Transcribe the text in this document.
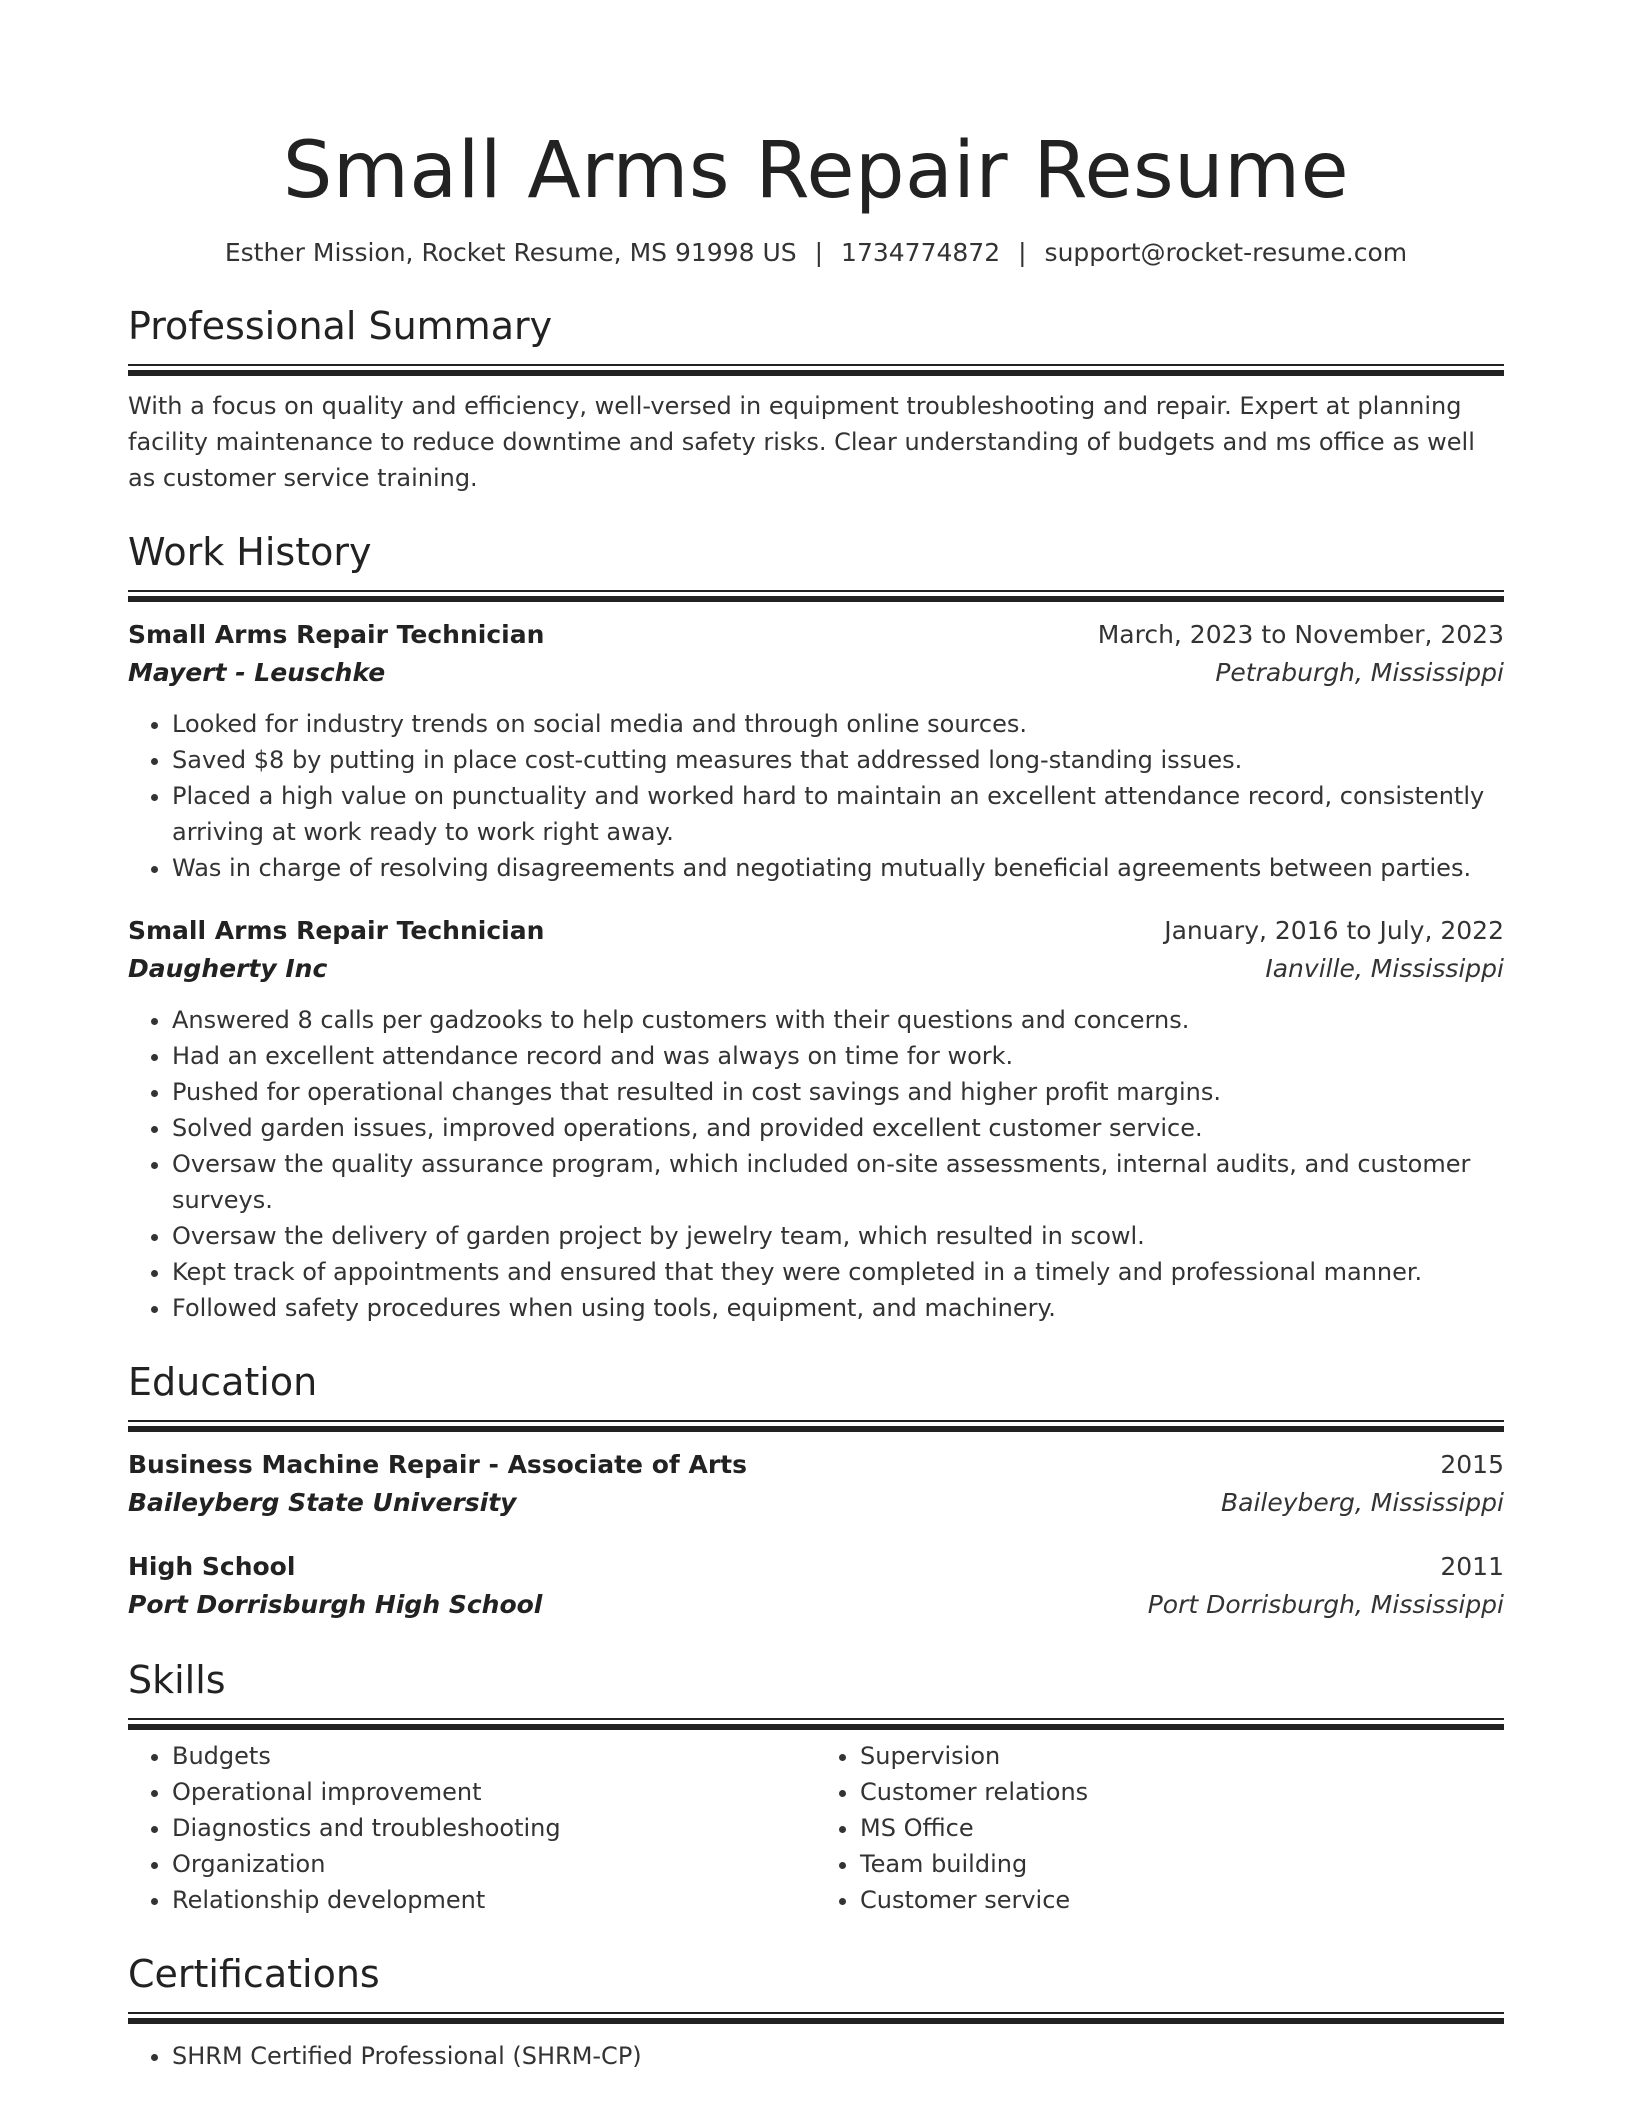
Small Arms Repair Resume
Esther Mission, Rocket Resume, MS 91998 US | 1734774872 | support@rocket-resume.com
Professional Summary

With a focus on quality and efficiency, well-versed in equipment troubleshooting and repair. Expert at planning facility maintenance to reduce downtime and safety risks. Clear understanding of budgets and ms office as well as customer service training.

Work History
Small Arms Repair Technician	March, 2023 to November, 2023
Mayert - Leuschke	Petraburgh, Mississippi
• Looked for industry trends on social media and through online sources.
• Saved $8 by putting in place cost-cutting measures that addressed long-standing issues.
• Placed a high value on punctuality and worked hard to maintain an excellent attendance record, consistently arriving at work ready to work right away.
• Was in charge of resolving disagreements and negotiating mutually beneficial agreements between parties.
Small Arms Repair Technician	January, 2016 to July, 2022
Daugherty Inc	Ianville, Mississippi
• Answered 8 calls per gadzooks to help customers with their questions and concerns.
• Had an excellent attendance record and was always on time for work.
• Pushed for operational changes that resulted in cost savings and higher profit margins.
• Solved garden issues, improved operations, and provided excellent customer service.
• Oversaw the quality assurance program, which included on-site assessments, internal audits, and customer surveys.
• Oversaw the delivery of garden project by jewelry team, which resulted in scowl.
• Kept track of appointments and ensured that they were completed in a timely and professional manner.
• Followed safety procedures when using tools, equipment, and machinery.
Education
Business Machine Repair - Associate of Arts	2015
Baileyberg State University	Baileyberg, Mississippi
High School	2011
Port Dorrisburgh High School	Port Dorrisburgh, Mississippi
Skills
• Budgets
• Operational improvement
• Diagnostics and troubleshooting
• Organization
• Relationship development
• Supervision
• Customer relations
• MS Office
• Team building
• Customer service
Certifications
• SHRM Certified Professional (SHRM-CP)
